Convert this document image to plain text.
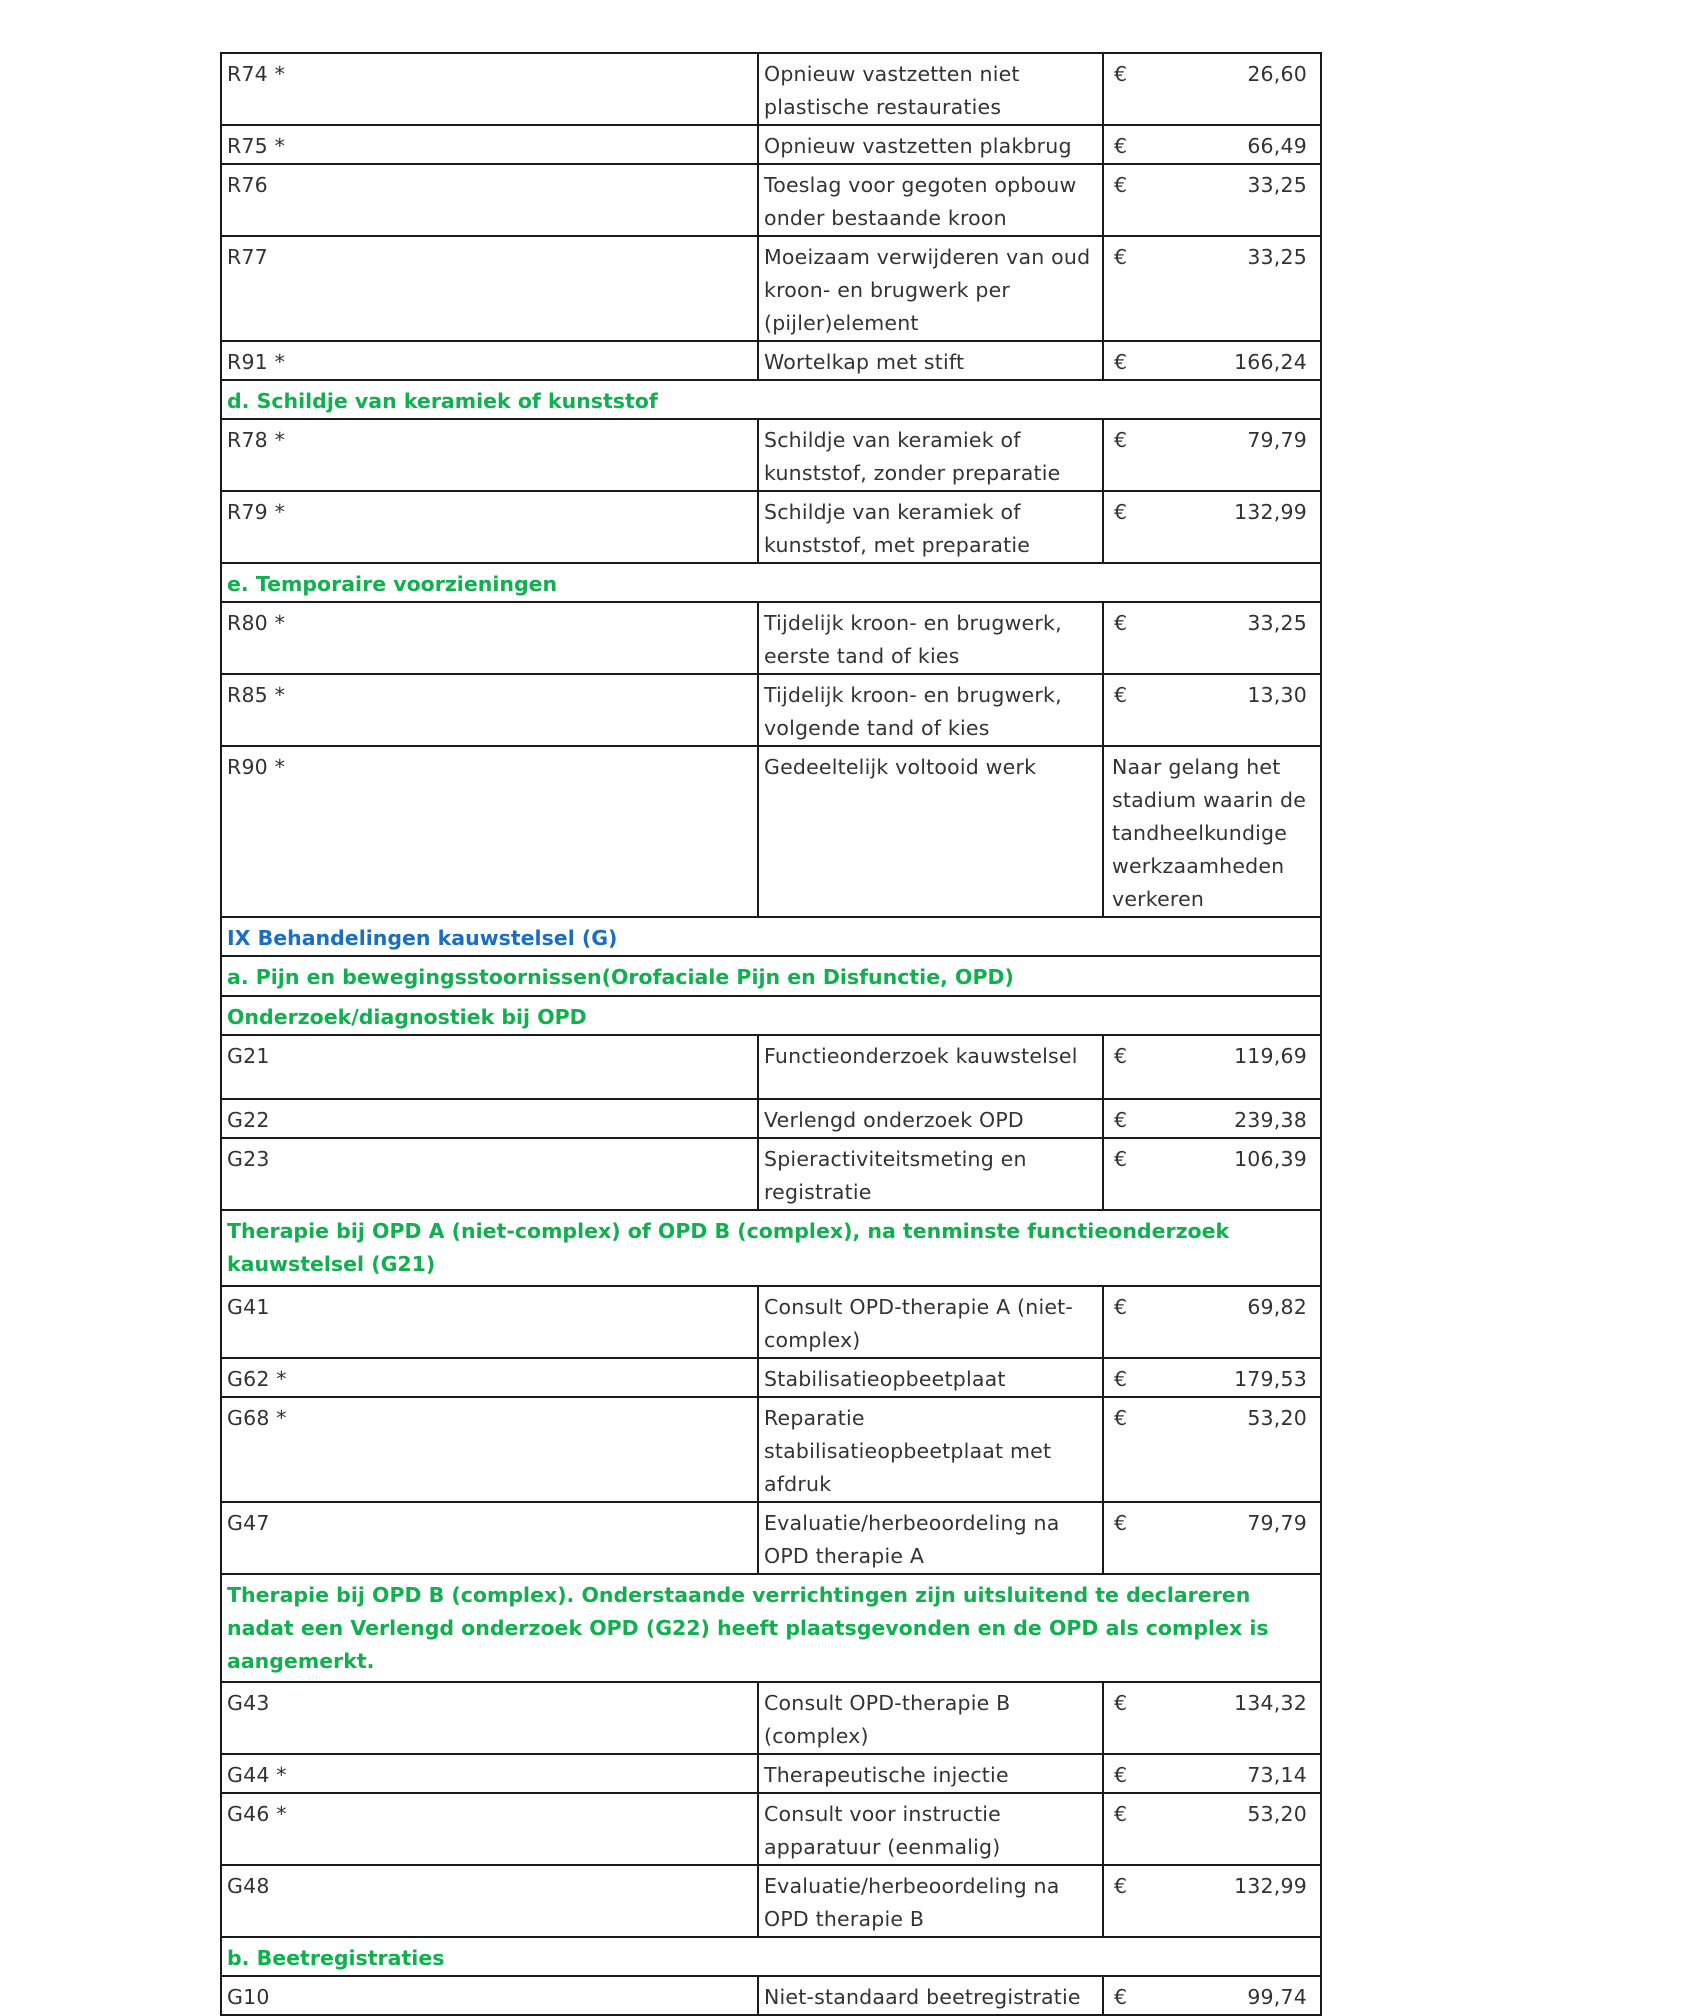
R74 *	Opnieuw vastzetten niet plastische restauraties	€ 26,60

R75 *	Opnieuw vastzetten plakbrug	€ 66,49

R76	Toeslag voor gegoten opbouw onder bestaande kroon	€ 33,25

R77	Moeizaam verwijderen van oud kroon- en brugwerk per (pijler)element	€ 33,25

R91 *	Wortelkap met stift	€ 166,24

d. Schildje van keramiek of kunststof		
R78 *	Schildje van keramiek of kunststof, zonder preparatie	€ 79,79

R79 *	Schildje van keramiek of kunststof, met preparatie	€ 132,99

e. Temporaire voorzieningen		
R80 *	Tijdelijk kroon- en brugwerk, eerste tand of kies	€ 33,25

R85 *	Tijdelijk kroon- en brugwerk, volgende tand of kies	€ 13,30

R90 *	Gedeeltelijk voltooid werk	Naar gelang het stadium waarin de tandheelkundige werkzaamheden verkeren

IX Behandelingen kauwstelsel (G)		
a. Pijn en bewegingsstoornissen(Orofaciale Pijn en Disfunctie, OPD)		
Onderzoek/diagnostiek bij OPD		
G21	Functieonderzoek kauwstelsel	€ 119,69

G22	Verlengd onderzoek OPD	€ 239,38

G23	Spieractiviteitsmeting en registratie	€ 106,39

Therapie bij OPD A (niet-complex) of OPD B (complex), na tenminste functieonderzoek kauwstelsel (G21)		
G41	Consult OPD-therapie A (niet-complex)	€ 69,82

G62 *	Stabilisatieopbeetplaat	€ 179,53

G68 *	Reparatie stabilisatieopbeetplaat met afdruk	€ 53,20

G47	Evaluatie/herbeoordeling na OPD therapie A	€ 79,79

Therapie bij OPD B (complex). Onderstaande verrichtingen zijn uitsluitend te declareren nadat een Verlengd onderzoek OPD (G22) heeft plaatsgevonden en de OPD als complex is aangemerkt.		
G43	Consult OPD-therapie B (complex)	€ 134,32

G44 *	Therapeutische injectie	€ 73,14

G46 *	Consult voor instructie apparatuur (eenmalig)	€ 53,20

G48	Evaluatie/herbeoordeling na OPD therapie B	€ 132,99

b. Beetregistraties		
G10	Niet-standaard beetregistratie	€ 99,74
